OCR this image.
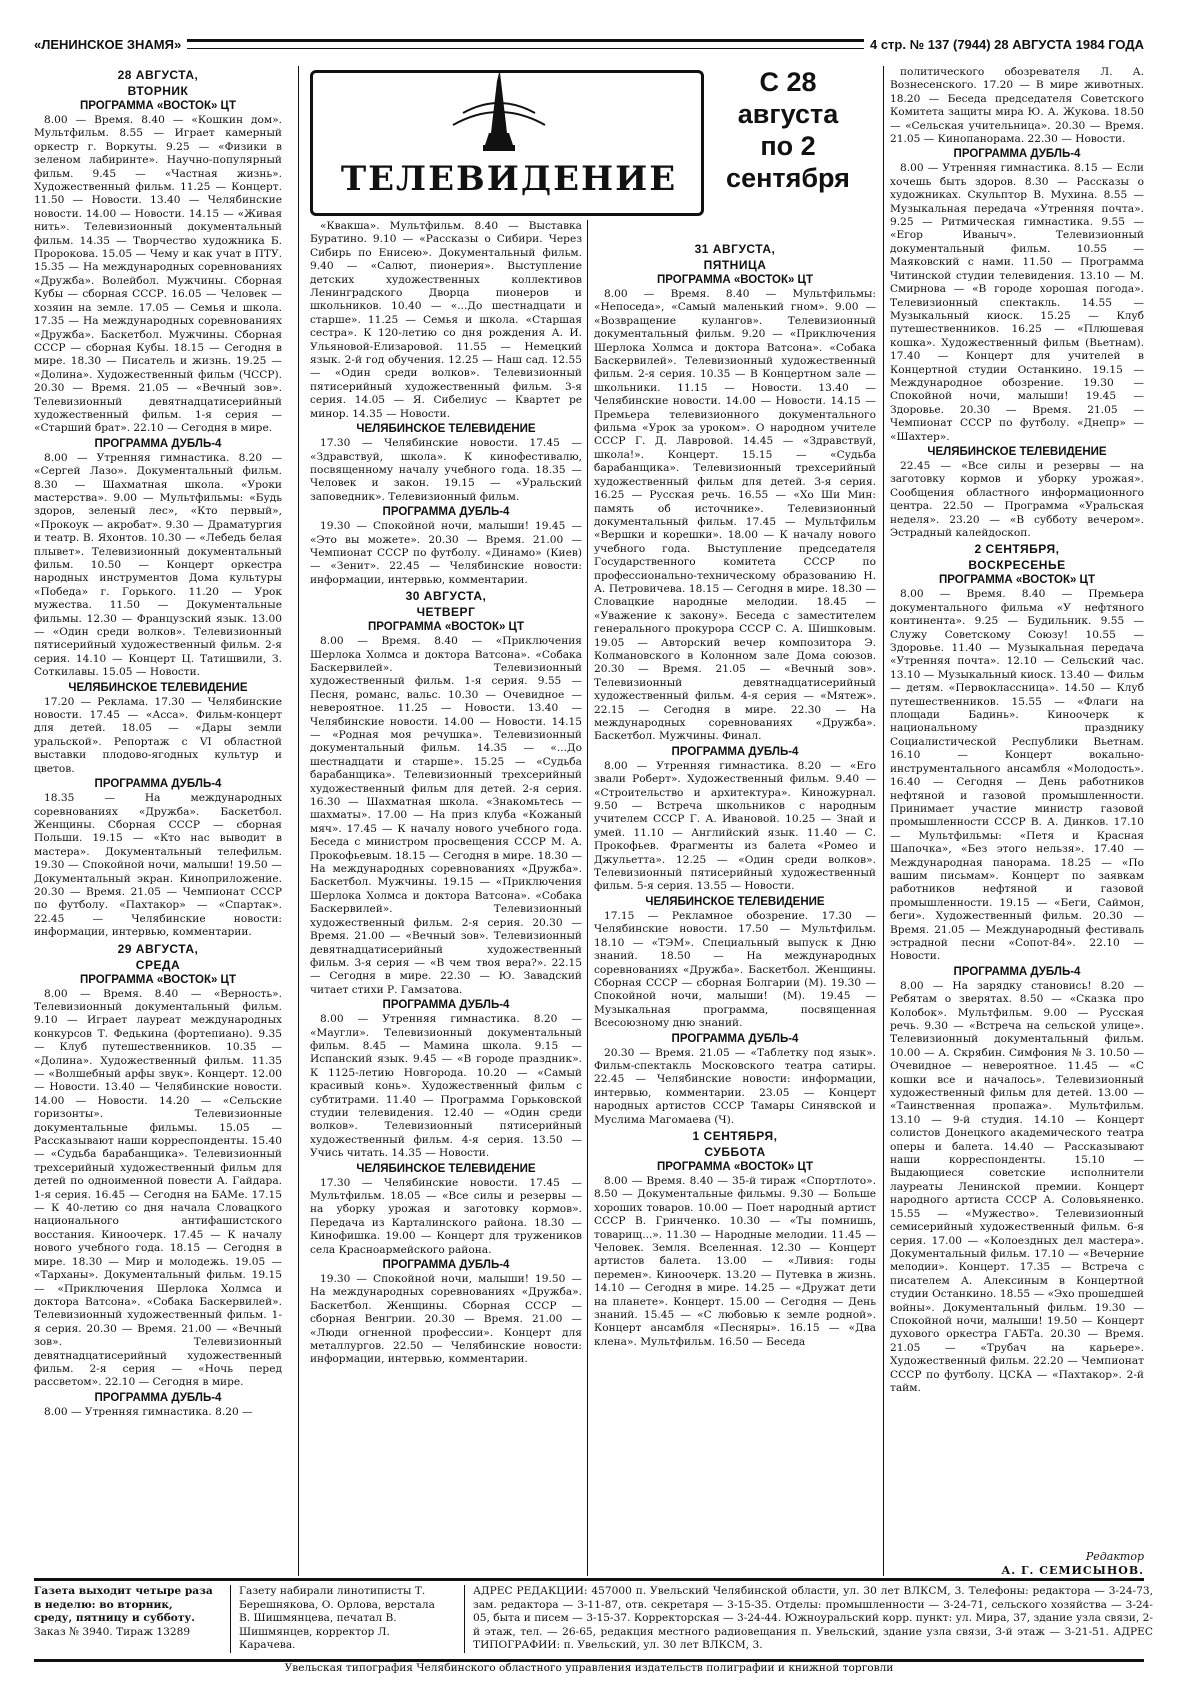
«ЛЕНИНСКОЕ ЗНАМЯ»	4 стр. № 137 (7944) 28 АВГУСТА 1984 ГОДА
ТЕЛЕВИДЕНИЕ
С 28
августа
по 2
сентября
28 АВГУСТА,
ВТОРНИК
ПРОГРАММА «ВОСТОК» ЦТ

8.00 — Время. 8.40 — «Кошкин дом». Мультфильм. 8.55 — Играет камерный оркестр г. Воркуты. 9.25 — «Физики в зеленом лабиринте». Научно-популярный фильм. 9.45 — «Частная жизнь». Художественный фильм. 11.25 — Концерт. 11.50 — Новости. 13.40 — Челябинские новости. 14.00 — Новости. 14.15 — «Живая нить». Телевизионный документальный фильм. 14.35 — Творчество художника Б. Пророкова. 15.05 — Чему и как учат в ПТУ. 15.35 — На международных соревнованиях «Дружба». Волейбол. Мужчины. Сборная Кубы — сборная СССР. 16.05 — Человек — хозяин на земле. 17.05 — Семья и школа. 17.35 — На международных соревнованиях «Дружба». Баскетбол. Мужчины. Сборная СССР — сборная Кубы. 18.15 — Сегодня в мире. 18.30 — Писатель и жизнь. 19.25 — «Долина». Художественный фильм (ЧССР). 20.30 — Время. 21.05 — «Вечный зов». Телевизионный девятнадцатисерийный художественный фильм. 1-я серия — «Старший брат». 22.10 — Сегодня в мире.

ПРОГРАММА ДУБЛЬ-4

8.00 — Утренняя гимнастика. 8.20 — «Сергей Лазо». Документальный фильм. 8.30 — Шахматная школа. «Уроки мастерства». 9.00 — Мультфильмы: «Будь здоров, зеленый лес», «Кто первый», «Прокоук — акробат». 9.30 — Драматургия и театр. В. Яхонтов. 10.30 — «Лебедь белая плывет». Телевизионный документальный фильм. 10.50 — Концерт оркестра народных инструментов Дома культуры «Победа» г. Горького. 11.20 — Урок мужества. 11.50 — Документальные фильмы. 12.30 — Французский язык. 13.00 — «Один среди волков». Телевизионный пятисерийный художественный фильм. 2-я серия. 14.10 — Концерт Ц. Татишвили, З. Соткилавы. 15.05 — Новости.

ЧЕЛЯБИНСКОЕ ТЕЛЕВИДЕНИЕ

17.20 — Реклама. 17.30 — Челябинские новости. 17.45 — «Асса». Фильм-концерт для детей. 18.05 — «Дары земли уральской». Репортаж с VI областной выставки плодово-ягодных культур и цветов.

ПРОГРАММА ДУБЛЬ-4

18.35 — На международных соревнованиях «Дружба». Баскетбол. Женщины. Сборная СССР — сборная Польши. 19.15 — «Кто нас выводит в мастера». Документальный телефильм. 19.30 — Спокойной ночи, малыши! 19.50 — Документальный экран. Киноприложение. 20.30 — Время. 21.05 — Чемпионат СССР по футболу. «Пахтакор» — «Спартак». 22.45 — Челябинские новости: информации, интервью, комментарии.

29 АВГУСТА,
СРЕДА
ПРОГРАММА «ВОСТОК» ЦТ

8.00 — Время. 8.40 — «Верность». Телевизионный документальный фильм. 9.10 — Играет лауреат международных конкурсов Т. Федькина (фортепиано). 9.35 — Клуб путешественников. 10.35 — «Долина». Художественный фильм. 11.35 — «Волшебный арфы звук». Концерт. 12.00 — Новости. 13.40 — Челябинские новости. 14.00 — Новости. 14.20 — «Сельские горизонты». Телевизионные документальные фильмы. 15.05 — Рассказывают наши корреспонденты. 15.40 — «Судьба барабанщика». Телевизионный трехсерийный художественный фильм для детей по одноименной повести А. Гайдара. 1-я серия. 16.45 — Сегодня на БАМе. 17.15 — К 40-летию со дня начала Словацкого национального антифашистского восстания. Киноочерк. 17.45 — К началу нового учебного года. 18.15 — Сегодня в мире. 18.30 — Мир и молодежь. 19.05 — «Тарханы». Документальный фильм. 19.15 — «Приключения Шерлока Холмса и доктора Ватсона». «Собака Баскервилей». Телевизионный художественный фильм. 1-я серия. 20.30 — Время. 21.00 — «Вечный зов». Телевизионный девятнадцатисерийный художественный фильм. 2-я серия — «Ночь перед рассветом». 22.10 — Сегодня в мире.

ПРОГРАММА ДУБЛЬ-4

8.00 — Утренняя гимнастика. 8.20 —

«Квакша». Мультфильм. 8.40 — Выставка Буратино. 9.10 — «Рассказы о Сибири. Через Сибирь по Енисею». Документальный фильм. 9.40 — «Салют, пионерия». Выступление детских художественных коллективов Ленинградского Дворца пионеров и школьников. 10.40 — «...До шестнадцати и старше». 11.25 — Семья и школа. «Старшая сестра». К 120-летию со дня рождения А. И. Ульяновой-Елизаровой. 11.55 — Немецкий язык. 2-й год обучения. 12.25 — Наш сад. 12.55 — «Один среди волков». Телевизионный пятисерийный художественный фильм. 3-я серия. 14.05 — Я. Сибелиус — Квартет ре минор. 14.35 — Новости.

ЧЕЛЯБИНСКОЕ ТЕЛЕВИДЕНИЕ

17.30 — Челябинские новости. 17.45 — «Здравствуй, школа». К кинофестивалю, посвященному началу учебного года. 18.35 — Человек и закон. 19.15 — «Уральский заповедник». Телевизионный фильм.

ПРОГРАММА ДУБЛЬ-4

19.30 — Спокойной ночи, малыши! 19.45 — «Это вы можете». 20.30 — Время. 21.00 — Чемпионат СССР по футболу. «Динамо» (Киев) — «Зенит». 22.45 — Челябинские новости: информации, интервью, комментарии.

30 АВГУСТА,
ЧЕТВЕРГ
ПРОГРАММА «ВОСТОК» ЦТ

8.00 — Время. 8.40 — «Приключения Шерлока Холмса и доктора Ватсона». «Собака Баскервилей». Телевизионный художественный фильм. 1-я серия. 9.55 — Песня, романс, вальс. 10.30 — Очевидное — невероятное. 11.25 — Новости. 13.40 — Челябинские новости. 14.00 — Новости. 14.15 — «Родная моя речушка». Телевизионный документальный фильм. 14.35 — «...До шестнадцати и старше». 15.25 — «Судьба барабанщика». Телевизионный трехсерийный художественный фильм для детей. 2-я серия. 16.30 — Шахматная школа. «Знакомьтесь — шахматы». 17.00 — На приз клуба «Кожаный мяч». 17.45 — К началу нового учебного года. Беседа с министром просвещения СССР М. А. Прокофьевым. 18.15 — Сегодня в мире. 18.30 — На международных соревнованиях «Дружба». Баскетбол. Мужчины. 19.15 — «Приключения Шерлока Холмса и доктора Ватсона». «Собака Баскервилей». Телевизионный художественный фильм. 2-я серия. 20.30 — Время. 21.00 — «Вечный зов». Телевизионный девятнадцатисерийный художественный фильм. 3-я серия — «В чем твоя вера?». 22.15 — Сегодня в мире. 22.30 — Ю. Завадский читает стихи Р. Гамзатова.

ПРОГРАММА ДУБЛЬ-4

8.00 — Утренняя гимнастика. 8.20 — «Маугли». Телевизионный документальный фильм. 8.45 — Мамина школа. 9.15 — Испанский язык. 9.45 — «В городе праздник». К 1125-летию Новгорода. 10.20 — «Самый красивый конь». Художественный фильм с субтитрами. 11.40 — Программа Горьковской студии телевидения. 12.40 — «Один среди волков». Телевизионный пятисерийный художественный фильм. 4-я серия. 13.50 — Учись читать. 14.35 — Новости.

ЧЕЛЯБИНСКОЕ ТЕЛЕВИДЕНИЕ

17.30 — Челябинские новости. 17.45 — Мультфильм. 18.05 — «Все силы и резервы — на уборку урожая и заготовку кормов». Передача из Карталинского района. 18.30 — Кинофишка. 19.00 — Концерт для тружеников села Красноармейского района.

ПРОГРАММА ДУБЛЬ-4

19.30 — Спокойной ночи, малыши! 19.50 — На международных соревнованиях «Дружба». Баскетбол. Женщины. Сборная СССР — сборная Венгрии. 20.30 — Время. 21.00 — «Люди огненной профессии». Концерт для металлургов. 22.50 — Челябинские новости: информации, интервью, комментарии.

31 АВГУСТА,
ПЯТНИЦА
ПРОГРАММА «ВОСТОК» ЦТ

8.00 — Время. 8.40 — Мультфильмы: «Непоседа», «Самый маленький гном». 9.00 — «Возвращение кулангов». Телевизионный документальный фильм. 9.20 — «Приключения Шерлока Холмса и доктора Ватсона». «Собака Баскервилей». Телевизионный художественный фильм. 2-я серия. 10.35 — В Концертном зале — школьники. 11.15 — Новости. 13.40 — Челябинские новости. 14.00 — Новости. 14.15 — Премьера телевизионного документального фильма «Урок за уроком». О народном учителе СССР Г. Д. Лавровой. 14.45 — «Здравствуй, школа!». Концерт. 15.15 — «Судьба барабанщика». Телевизионный трехсерийный художественный фильм для детей. 3-я серия. 16.25 — Русская речь. 16.55 — «Хо Ши Мин: память об источнике». Телевизионный документальный фильм. 17.45 — Мультфильм «Вершки и корешки». 18.00 — К началу нового учебного года. Выступление председателя Государственного комитета СССР по профессионально-техническому образованию Н. А. Петровичева. 18.15 — Сегодня в мире. 18.30 — Словацкие народные мелодии. 18.45 — «Уважение к закону». Беседа с заместителем генерального прокурора СССР С. А. Шишковым. 19.05 — Авторский вечер композитора Э. Колмановского в Колонном зале Дома союзов. 20.30 — Время. 21.05 — «Вечный зов». Телевизионный девятнадцатисерийный художественный фильм. 4-я серия — «Мятеж». 22.15 — Сегодня в мире. 22.30 — На международных соревнованиях «Дружба». Баскетбол. Мужчины. Финал.

ПРОГРАММА ДУБЛЬ-4

8.00 — Утренняя гимнастика. 8.20 — «Его звали Роберт». Художественный фильм. 9.40 — «Строительство и архитектура». Киножурнал. 9.50 — Встреча школьников с народным учителем СССР Г. А. Ивановой. 10.25 — Знай и умей. 11.10 — Английский язык. 11.40 — С. Прокофьев. Фрагменты из балета «Ромео и Джульетта». 12.25 — «Один среди волков». Телевизионный пятисерийный художественный фильм. 5-я серия. 13.55 — Новости.

ЧЕЛЯБИНСКОЕ ТЕЛЕВИДЕНИЕ

17.15 — Рекламное обозрение. 17.30 — Челябинские новости. 17.50 — Мультфильм. 18.10 — «ТЭМ». Специальный выпуск к Дню знаний. 18.50 — На международных соревнованиях «Дружба». Баскетбол. Женщины. Сборная СССР — сборная Болгарии (М). 19.30 — Спокойной ночи, малыши! (М). 19.45 — Музыкальная программа, посвященная Всесоюзному дню знаний.

ПРОГРАММА ДУБЛЬ-4

20.30 — Время. 21.05 — «Таблетку под язык». Фильм-спектакль Московского театра сатиры. 22.45 — Челябинские новости: информации, интервью, комментарии. 23.05 — Концерт народных артистов СССР Тамары Синявской и Муслима Магомаева (Ч).

1 СЕНТЯБРЯ,
СУББОТА
ПРОГРАММА «ВОСТОК» ЦТ

8.00 — Время. 8.40 — 35-й тираж «Спортлото». 8.50 — Документальные фильмы. 9.30 — Больше хороших товаров. 10.00 — Поет народный артист СССР В. Гринченко. 10.30 — «Ты помнишь, товарищ...». 11.30 — Народные мелодии. 11.45 — Человек. Земля. Вселенная. 12.30 — Концерт артистов балета. 13.00 — «Ливия: годы перемен». Киноочерк. 13.20 — Путевка в жизнь. 14.10 — Сегодня в мире. 14.25 — «Дружат дети на планете». Концерт. 15.00 — Сегодня — День знаний. 15.45 — «С любовью к земле родной». Концерт ансамбля «Песняры». 16.15 — «Два клена». Мультфильм. 16.50 — Беседа

политического обозревателя Л. А. Вознесенского. 17.20 — В мире животных. 18.20 — Беседа председателя Советского Комитета защиты мира Ю. А. Жукова. 18.50 — «Сельская учительница». 20.30 — Время. 21.05 — Кинопанорама. 22.30 — Новости.

ПРОГРАММА ДУБЛЬ-4

8.00 — Утренняя гимнастика. 8.15 — Если хочешь быть здоров. 8.30 — Рассказы о художниках. Скульптор В. Мухина. 8.55 — Музыкальная передача «Утренняя почта». 9.25 — Ритмическая гимнастика. 9.55 — «Егор Иваныч». Телевизионный документальный фильм. 10.55 — Маяковский с нами. 11.50 — Программа Читинской студии телевидения. 13.10 — М. Смирнова — «В городе хорошая погода». Телевизионный спектакль. 14.55 — Музыкальный киоск. 15.25 — Клуб путешественников. 16.25 — «Плюшевая кошка». Художественный фильм (Вьетнам). 17.40 — Концерт для учителей в Концертной студии Останкино. 19.15 — Международное обозрение. 19.30 — Спокойной ночи, малыши! 19.45 — Здоровье. 20.30 — Время. 21.05 — Чемпионат СССР по футболу. «Днепр» — «Шахтер».

ЧЕЛЯБИНСКОЕ ТЕЛЕВИДЕНИЕ

22.45 — «Все силы и резервы — на заготовку кормов и уборку урожая». Сообщения областного информационного центра. 22.50 — Программа «Уральская неделя». 23.20 — «В субботу вечером». Эстрадный калейдоскоп.

2 СЕНТЯБРЯ,
ВОСКРЕСЕНЬЕ
ПРОГРАММА «ВОСТОК» ЦТ

8.00 — Время. 8.40 — Премьера документального фильма «У нефтяного континента». 9.25 — Будильник. 9.55 — Служу Советскому Союзу! 10.55 — Здоровье. 11.40 — Музыкальная передача «Утренняя почта». 12.10 — Сельский час. 13.10 — Музыкальный киоск. 13.40 — Фильм — детям. «Первоклассница». 14.50 — Клуб путешественников. 15.55 — «Флаги на площади Бадинь». Киноочерк к национальному празднику Социалистической Республики Вьетнам. 16.10 — Концерт вокально-инструментального ансамбля «Молодость». 16.40 — Сегодня — День работников нефтяной и газовой промышленности. Принимает участие министр газовой промышленности СССР В. А. Динков. 17.10 — Мультфильмы: «Петя и Красная Шапочка», «Без этого нельзя». 17.40 — Международная панорама. 18.25 — «По вашим письмам». Концерт по заявкам работников нефтяной и газовой промышленности. 19.15 — «Беги, Саймон, беги». Художественный фильм. 20.30 — Время. 21.05 — Международный фестиваль эстрадной песни «Сопот-84». 22.10 — Новости.

ПРОГРАММА ДУБЛЬ-4

8.00 — На зарядку становись! 8.20 — Ребятам о зверятах. 8.50 — «Сказка про Колобок». Мультфильм. 9.00 — Русская речь. 9.30 — «Встреча на сельской улице». Телевизионный документальный фильм. 10.00 — А. Скрябин. Симфония № 3. 10.50 — Очевидное — невероятное. 11.45 — «С кошки все и началось». Телевизионный художественный фильм для детей. 13.00 — «Таинственная пропажа». Мультфильм. 13.10 — 9-й студия. 14.10 — Концерт солистов Донецкого академического театра оперы и балета. 14.40 — Рассказывают наши корреспонденты. 15.10 — Выдающиеся советские исполнители лауреаты Ленинской премии. Концерт народного артиста СССР А. Соловьяненко. 15.55 — «Мужество». Телевизионный семисерийный художественный фильм. 6-я серия. 17.00 — «Колоездных дел мастера». Документальный фильм. 17.10 — «Вечерние мелодии». Концерт. 17.35 — Встреча с писателем А. Алексиным в Концертной студии Останкино. 18.55 — «Эхо прошедшей войны». Документальный фильм. 19.30 — Спокойной ночи, малыши! 19.50 — Концерт духового оркестра ГАБТа. 20.30 — Время. 21.05 — «Трубач на карьере». Художественный фильм. 22.20 — Чемпионат СССР по футболу. ЦСКА — «Пахтакор». 2-й тайм.

Редактор
А. Г. СЕМИСЫНОВ.
Газета выходит четыре раза в неделю: во вторник, среду, пятницу и субботу.
Заказ № 3940. Тираж 13289
Газету набирали линотиписты Т. Берешнякова, О. Орлова, верстала В. Шишмянцева, печатал В. Шишмянцев, корректор Л. Карачева.
АДРЕС РЕДАКЦИИ: 457000 п. Увельский Челябинской области, ул. 30 лет ВЛКСМ, 3. Телефоны: редактора — 3-24-73, зам. редактора — 3-11-87, отв. секретаря — 3-15-35. Отделы: промышленности — 3-24-71, сельского хозяйства — 3-24-05, быта и писем — 3-15-37. Корректорская — 3-24-44. Южноуральский корр. пункт: ул. Мира, 37, здание узла связи, 2-й этаж, тел. — 26-65, редакция местного радиовещания п. Увельский, здание узла связи, 3-й этаж — 3-21-51. АДРЕС ТИПОГРАФИИ: п. Увельский, ул. 30 лет ВЛКСМ, 3.
Увельская типография Челябинского областного управления издательств полиграфии и книжной торговли
